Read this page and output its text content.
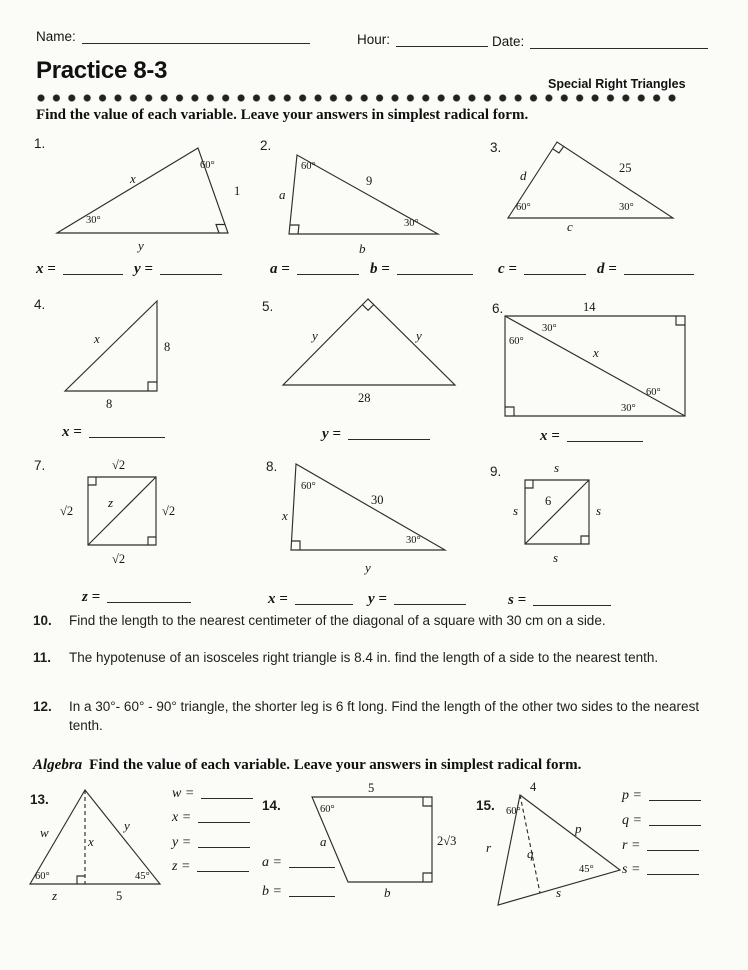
Name:	Hour:	Date:
Practice 8-3	Special Right Triangles
Find the value of each variable. Leave your answers in simplest radical form.
1.
60°
x
1
30°
y
2.
60°
9
a
30°
b
3.
d	25
60°	30°
c
x =	y =	a =	b =	c =	d =
4.
x
8
8
5.
y	y
28
6.	14
30°
60°
x
60°
30°
x =	y =	x =
7.	√2
√2	√2
√2
z
8.
60°
30
x
30°
y
9.	s
s	s
s
6
z =	x =	y =	s =
10.	Find the length to the nearest centimeter of the diagonal of a square with 30 cm on a side.
11.	The hypotenuse of an isosceles right triangle is 8.4 in. find the length of a side to the nearest tenth.
12.	In a 30°- 60° - 90° triangle, the shorter leg is 6 ft long. Find the length of the other two sides to the nearest tenth.
Algebra Find the value of each variable. Leave your answers in simplest radical form.
13.
w
x
y
60°	45°
z	5
w =
x =
y =
z =
14.
5
60°
a	2√3
b
a =
b =
15.
4
60°
p
r	q
45°
s
p =
q =
r =
s =
